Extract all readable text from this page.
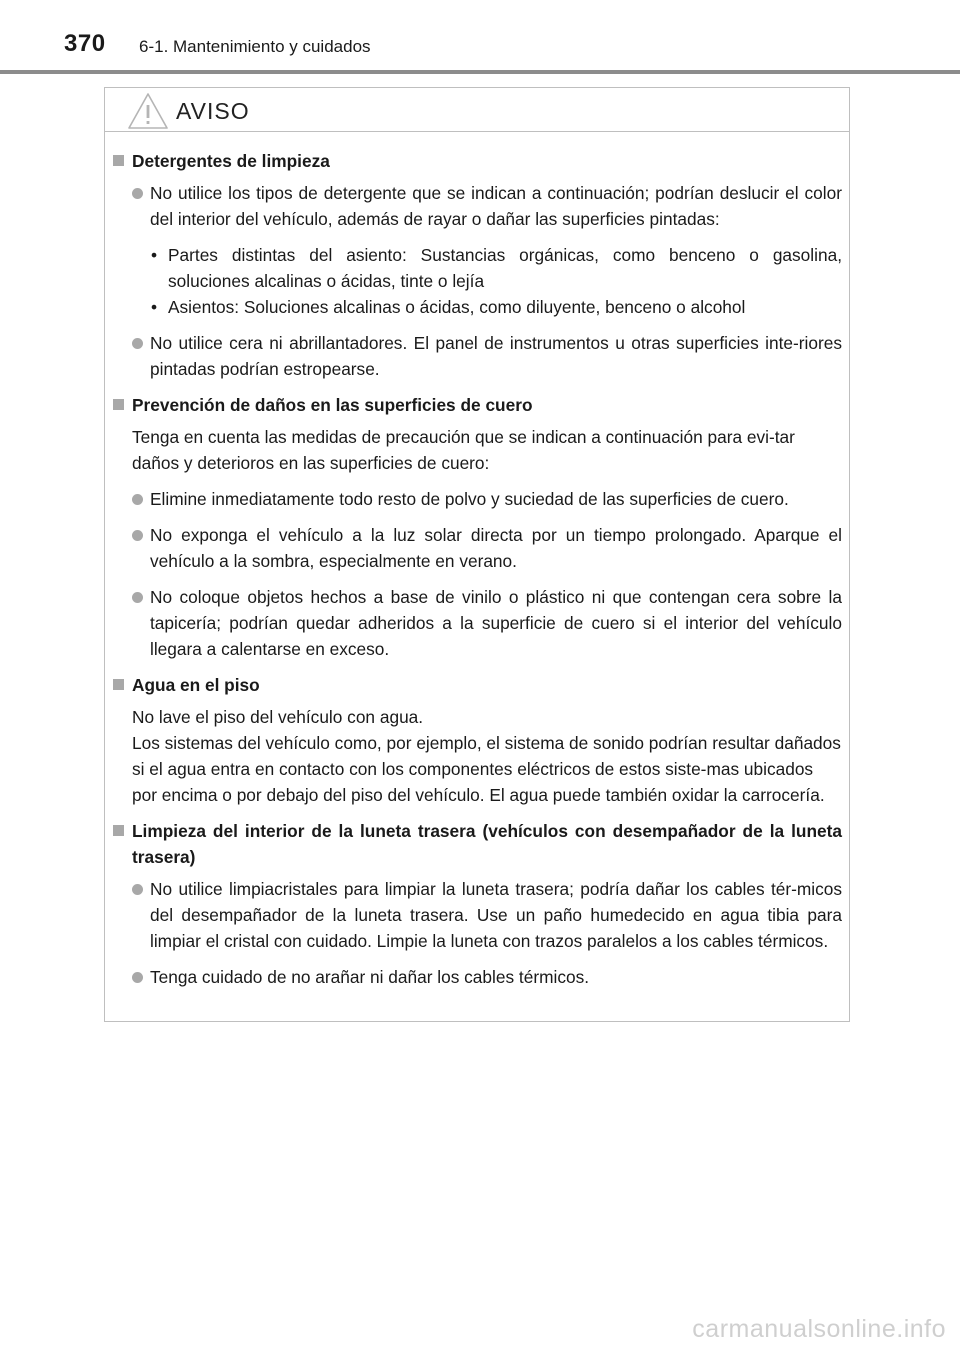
370 6-1. Mantenimiento y cuidados
AVISO
Detergentes de limpieza
No utilice los tipos de detergente que se indican a continuación; podrían deslucir el color del interior del vehículo, además de rayar o dañar las superficies pintadas:
• Partes distintas del asiento: Sustancias orgánicas, como benceno o gasolina, soluciones alcalinas o ácidas, tinte o lejía
• Asientos: Soluciones alcalinas o ácidas, como diluyente, benceno o alcohol
No utilice cera ni abrillantadores. El panel de instrumentos u otras superficies inte-riores pintadas podrían estropearse.
Prevención de daños en las superficies de cuero
Tenga en cuenta las medidas de precaución que se indican a continuación para evi-tar daños y deterioros en las superficies de cuero:
Elimine inmediatamente todo resto de polvo y suciedad de las superficies de cuero.
No exponga el vehículo a la luz solar directa por un tiempo prolongado. Aparque el vehículo a la sombra, especialmente en verano.
No coloque objetos hechos a base de vinilo o plástico ni que contengan cera sobre la tapicería; podrían quedar adheridos a la superficie de cuero si el interior del vehículo llegara a calentarse en exceso.
Agua en el piso
No lave el piso del vehículo con agua.
Los sistemas del vehículo como, por ejemplo, el sistema de sonido podrían resultar dañados si el agua entra en contacto con los componentes eléctricos de estos siste-mas ubicados por encima o por debajo del piso del vehículo. El agua puede también oxidar la carrocería.
Limpieza del interior de la luneta trasera (vehículos con desempañador de la luneta trasera)
No utilice limpiacristales para limpiar la luneta trasera; podría dañar los cables tér-micos del desempañador de la luneta trasera. Use un paño humedecido en agua tibia para limpiar el cristal con cuidado. Limpie la luneta con trazos paralelos a los cables térmicos.
Tenga cuidado de no arañar ni dañar los cables térmicos.
carmanualsonline.info
